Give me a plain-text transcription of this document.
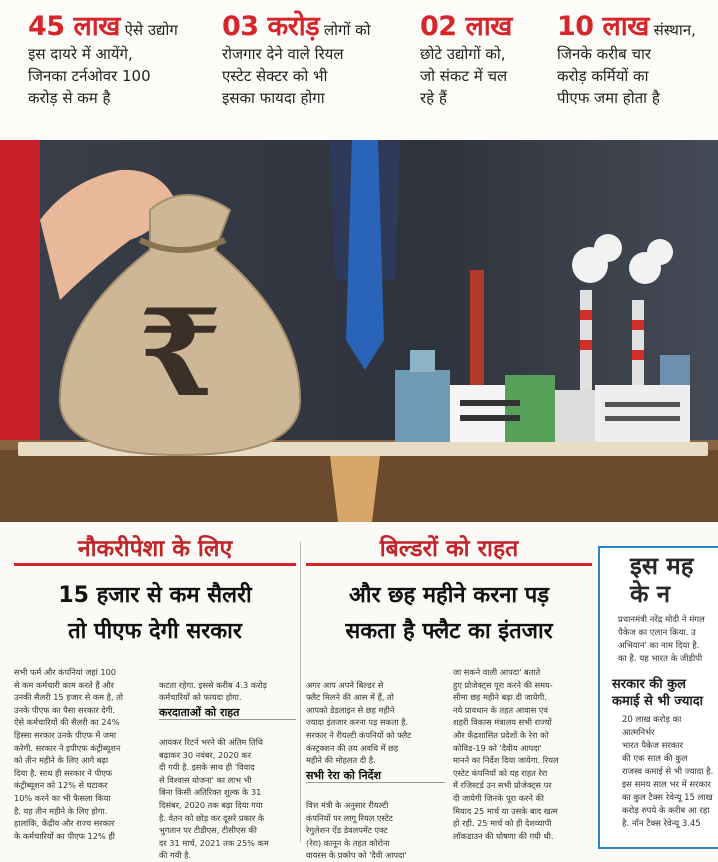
45 लाख ऐसे उद्योग
इस दायरे में आयेंगे,
जिनका टर्नओवर 100
करोड़ से कम है
03 करोड़ लोगों को
रोजगार देने वाले रियल
एस्टेट सेक्टर को भी
इसका फायदा होगा
02 लाख
छोटे उद्योगों को,
जो संकट में चल
रहे हैं
10 लाख संस्थान,
जिनके करीब चार
करोड़ कर्मियों का
पीएफ जमा होता है
₹
नौकरीपेशा के लिए
15 हजार से कम सैलरी
तो पीएफ देगी सरकार
सभी फर्म और कंपनियां जहां 100
से कम कर्मचारी काम करते हैं और
उनकी सैलरी 15 हजार से कम है, तो
उनके पीएफ का पैसा सरकार देगी.
ऐसे कर्मचारियों की सैलरी का 24%
हिस्सा सरकार उनके पीएफ में जमा
करेगी. सरकार ने इपीएफ कंट्रीब्यूशन
को तीन महीने के लिए आगे बढ़ा
दिया है. साथ ही सरकार ने पीएफ
कंट्रीब्यूशन को 12% से घटाकर
10% करने का भी फैसला किया
है. यह तीन महीने के लिए होगा.
हालांकि, केंद्रीय और राज्य सरकार
के कर्मचारियों का पीएफ 12% ही

कटता रहेगा. इससे करीब 4.3 करोड़
कर्मचारियों को फायदा होगा.

करदाताओं को राहत

आयकर रिटर्न भरने की अंतिम तिथि
बढ़ाकर 30 नवंबर, 2020 कर
दी गयी है. इसके साथ ही 'विवाद
से विश्वास योजना' का लाभ भी
बिना किसी अतिरिक्त शुल्क के 31
दिसंबर, 2020 तक बढ़ा दिया गया
है. वेतन को छोड़ कर दूसरे प्रकार के
भुगतान पर टीडीएस, टीसीएस की
दर 31 मार्च, 2021 तक 25% कम
की गयी है.

बिल्डरों को राहत
और छह महीने करना पड़
सकता है फ्लैट का इंतजार

अगर आप अपने बिल्डर से
फ्लैट मिलने की आस में हैं, तो
आपको डेडलाइन से छह महीने
ज्यादा इंतजार करना पड़ सकता है.
सरकार ने रीयल्टी कंपनियों को फ्लैट
कंस्ट्रक्शन की तय अवधि में छह
महीने की मोहलत दी है.

सभी रेरा को निर्देश

वित्त मंत्री के अनुसार रीयल्टी
कंपनियों पर लागू रियल एस्टेट
रेगुलेशन ऐंड डेवलपमेंट एक्ट
(रेरा) कानून के तहत कोरोना
वायरस के प्रकोप को 'दैवी आपदा'

जा सकने वाली आपदा' बताते
हुए प्रोजेक्ट्स पूरा करने की समय-
सीमा छह महीने बढ़ा दी जायेगी.
नये प्रावधान के तहत आवास एवं
शहरी विकास मंत्रालय सभी राज्यों
और केंद्रशासित प्रदेशों के रेरा को
कोविड-19 को 'दैवीय आपदा'
मानने का निर्देश दिया जायेगा. रियल
एस्टेट कंपनियों को यह राहत रेरा
में रजिस्टर्ड उन सभी प्रोजेक्ट्स पर
दी जायेगी जिनके पूरा करने की
मियाद 25 मार्च या उसके बाद खत्म
हो रही. 25 मार्च को ही देशव्यापी
लॉकडाउन की घोषणा की गयी थी.
इस मह
के न
प्रधानमंत्री नरेंद्र मोदी ने मंगल
पैकेज का एलान किया. उ
अभियान' का नाम दिया है.
का है. यह भारत के जीडीपी
सरकार की कुल
कमाई से भी ज्यादा
20 लाख करोड़ का आत्मनिर्भर
भारत पैकेज सरकार
की एक साल की कुल
राजस्व कमाई से भी ज्यादा है.
इस समय साल भर में सरकार
का कुल टैक्स रेवेन्यू 15 लाख
करोड़ रुपये के करीब आ रहा
है. नॉन टैक्स रेवेन्यू 3.45
